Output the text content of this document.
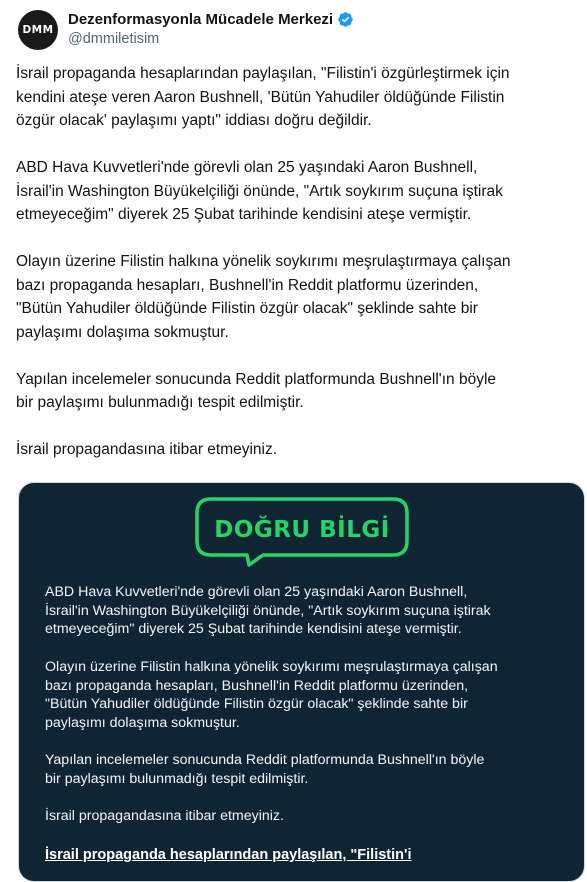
DMM
Dezenformasyonla Mücadele Merkezi
@dmmiletisim

İsrail propaganda hesaplarından paylaşılan, "Filistin'i özgürleştirmek için
kendini ateşe veren Aaron Bushnell, 'Bütün Yahudiler öldüğünde Filistin
özgür olacak' paylaşımı yaptı" iddiası doğru değildir.

ABD Hava Kuvvetleri'nde görevli olan 25 yaşındaki Aaron Bushnell,
İsrail'in Washington Büyükelçiliği önünde, "Artık soykırım suçuna iştirak
etmeyeceğim" diyerek 25 Şubat tarihinde kendisini ateşe vermiştir.

Olayın üzerine Filistin halkına yönelik soykırımı meşrulaştırmaya çalışan
bazı propaganda hesapları, Bushnell'in Reddit platformu üzerinden,
"Bütün Yahudiler öldüğünde Filistin özgür olacak" şeklinde sahte bir
paylaşımı dolaşıma sokmuştur.

Yapılan incelemeler sonucunda Reddit platformunda Bushnell'ın böyle
bir paylaşımı bulunmadığı tespit edilmiştir.

İsrail propagandasına itibar etmeyiniz.

DOĞRU BİLGİ

ABD Hava Kuvvetleri'nde görevli olan 25 yaşındaki Aaron Bushnell,
İsrail'in Washington Büyükelçiliği önünde, "Artık soykırım suçuna iştirak
etmeyeceğim" diyerek 25 Şubat tarihinde kendisini ateşe vermiştir.

Olayın üzerine Filistin halkına yönelik soykırımı meşrulaştırmaya çalışan
bazı propaganda hesapları, Bushnell'in Reddit platformu üzerinden,
"Bütün Yahudiler öldüğünde Filistin özgür olacak" şeklinde sahte bir
paylaşımı dolaşıma sokmuştur.

Yapılan incelemeler sonucunda Reddit platformunda Bushnell'ın böyle
bir paylaşımı bulunmadığı tespit edilmiştir.

İsrail propagandasına itibar etmeyiniz.

İsrail propaganda hesaplarından paylaşılan, "Filistin'i
